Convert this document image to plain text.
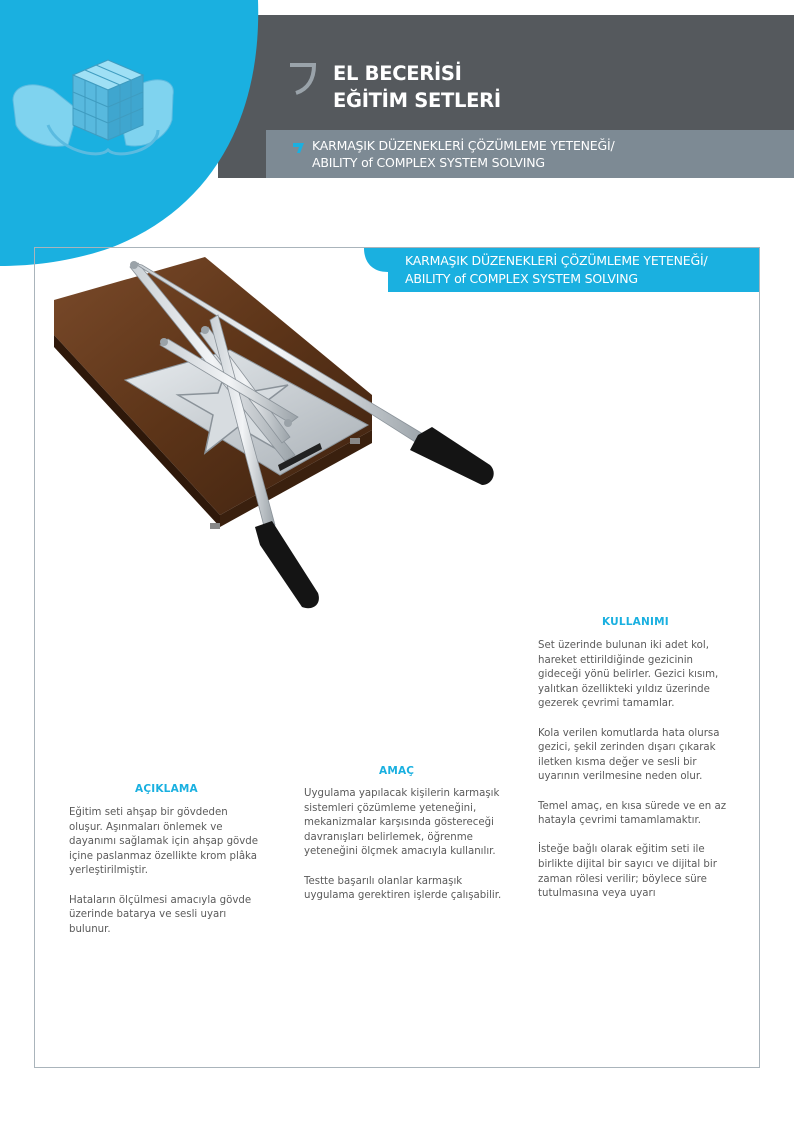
EL BECERİSİ
EĞİTİM SETLERİ
KARMAŞIK DÜZENEKLERİ ÇÖZÜMLEME YETENEĞİ/
ABILITY of COMPLEX SYSTEM SOLVING
KARMAŞIK DÜZENEKLERİ ÇÖZÜMLEME YETENEĞİ/
ABILITY of COMPLEX SYSTEM SOLVING
KULLANIMI

Set üzerinde bulunan iki adet kol, hareket ettirildiğinde gezicinin gideceği yönü belirler. Gezici kısım, yalıtkan özellikteki yıldız üzerinde gezerek çevrimi tamamlar.

Kola verilen komutlarda hata olursa gezici, şekil zerinden dışarı çıkarak iletken kısma değer ve sesli bir uyarının verilmesine neden olur.

Temel amaç, en kısa sürede ve en az hatayla çevrimi tamamlamaktır.

İsteğe bağlı olarak eğitim seti ile birlikte dijital bir sayıcı ve dijital bir zaman rölesi verilir; böylece süre tutulmasına veya uyarı

AMAÇ

Uygulama yapılacak kişilerin karmaşık sistemleri çözümleme yeteneğini, mekanizmalar karşısında göstereceği davranışları belirlemek, öğrenme yeteneğini ölçmek amacıyla kullanılır.

Testte başarılı olanlar karmaşık uygulama gerektiren işlerde çalışabilir.

AÇIKLAMA

Eğitim seti ahşap bir gövdeden oluşur. Aşınmaları önlemek ve dayanımı sağlamak için ahşap gövde içine paslanmaz özellikte krom plâka yerleştirilmiştir.

Hataların ölçülmesi amacıyla gövde üzerinde batarya ve sesli uyarı bulunur.
